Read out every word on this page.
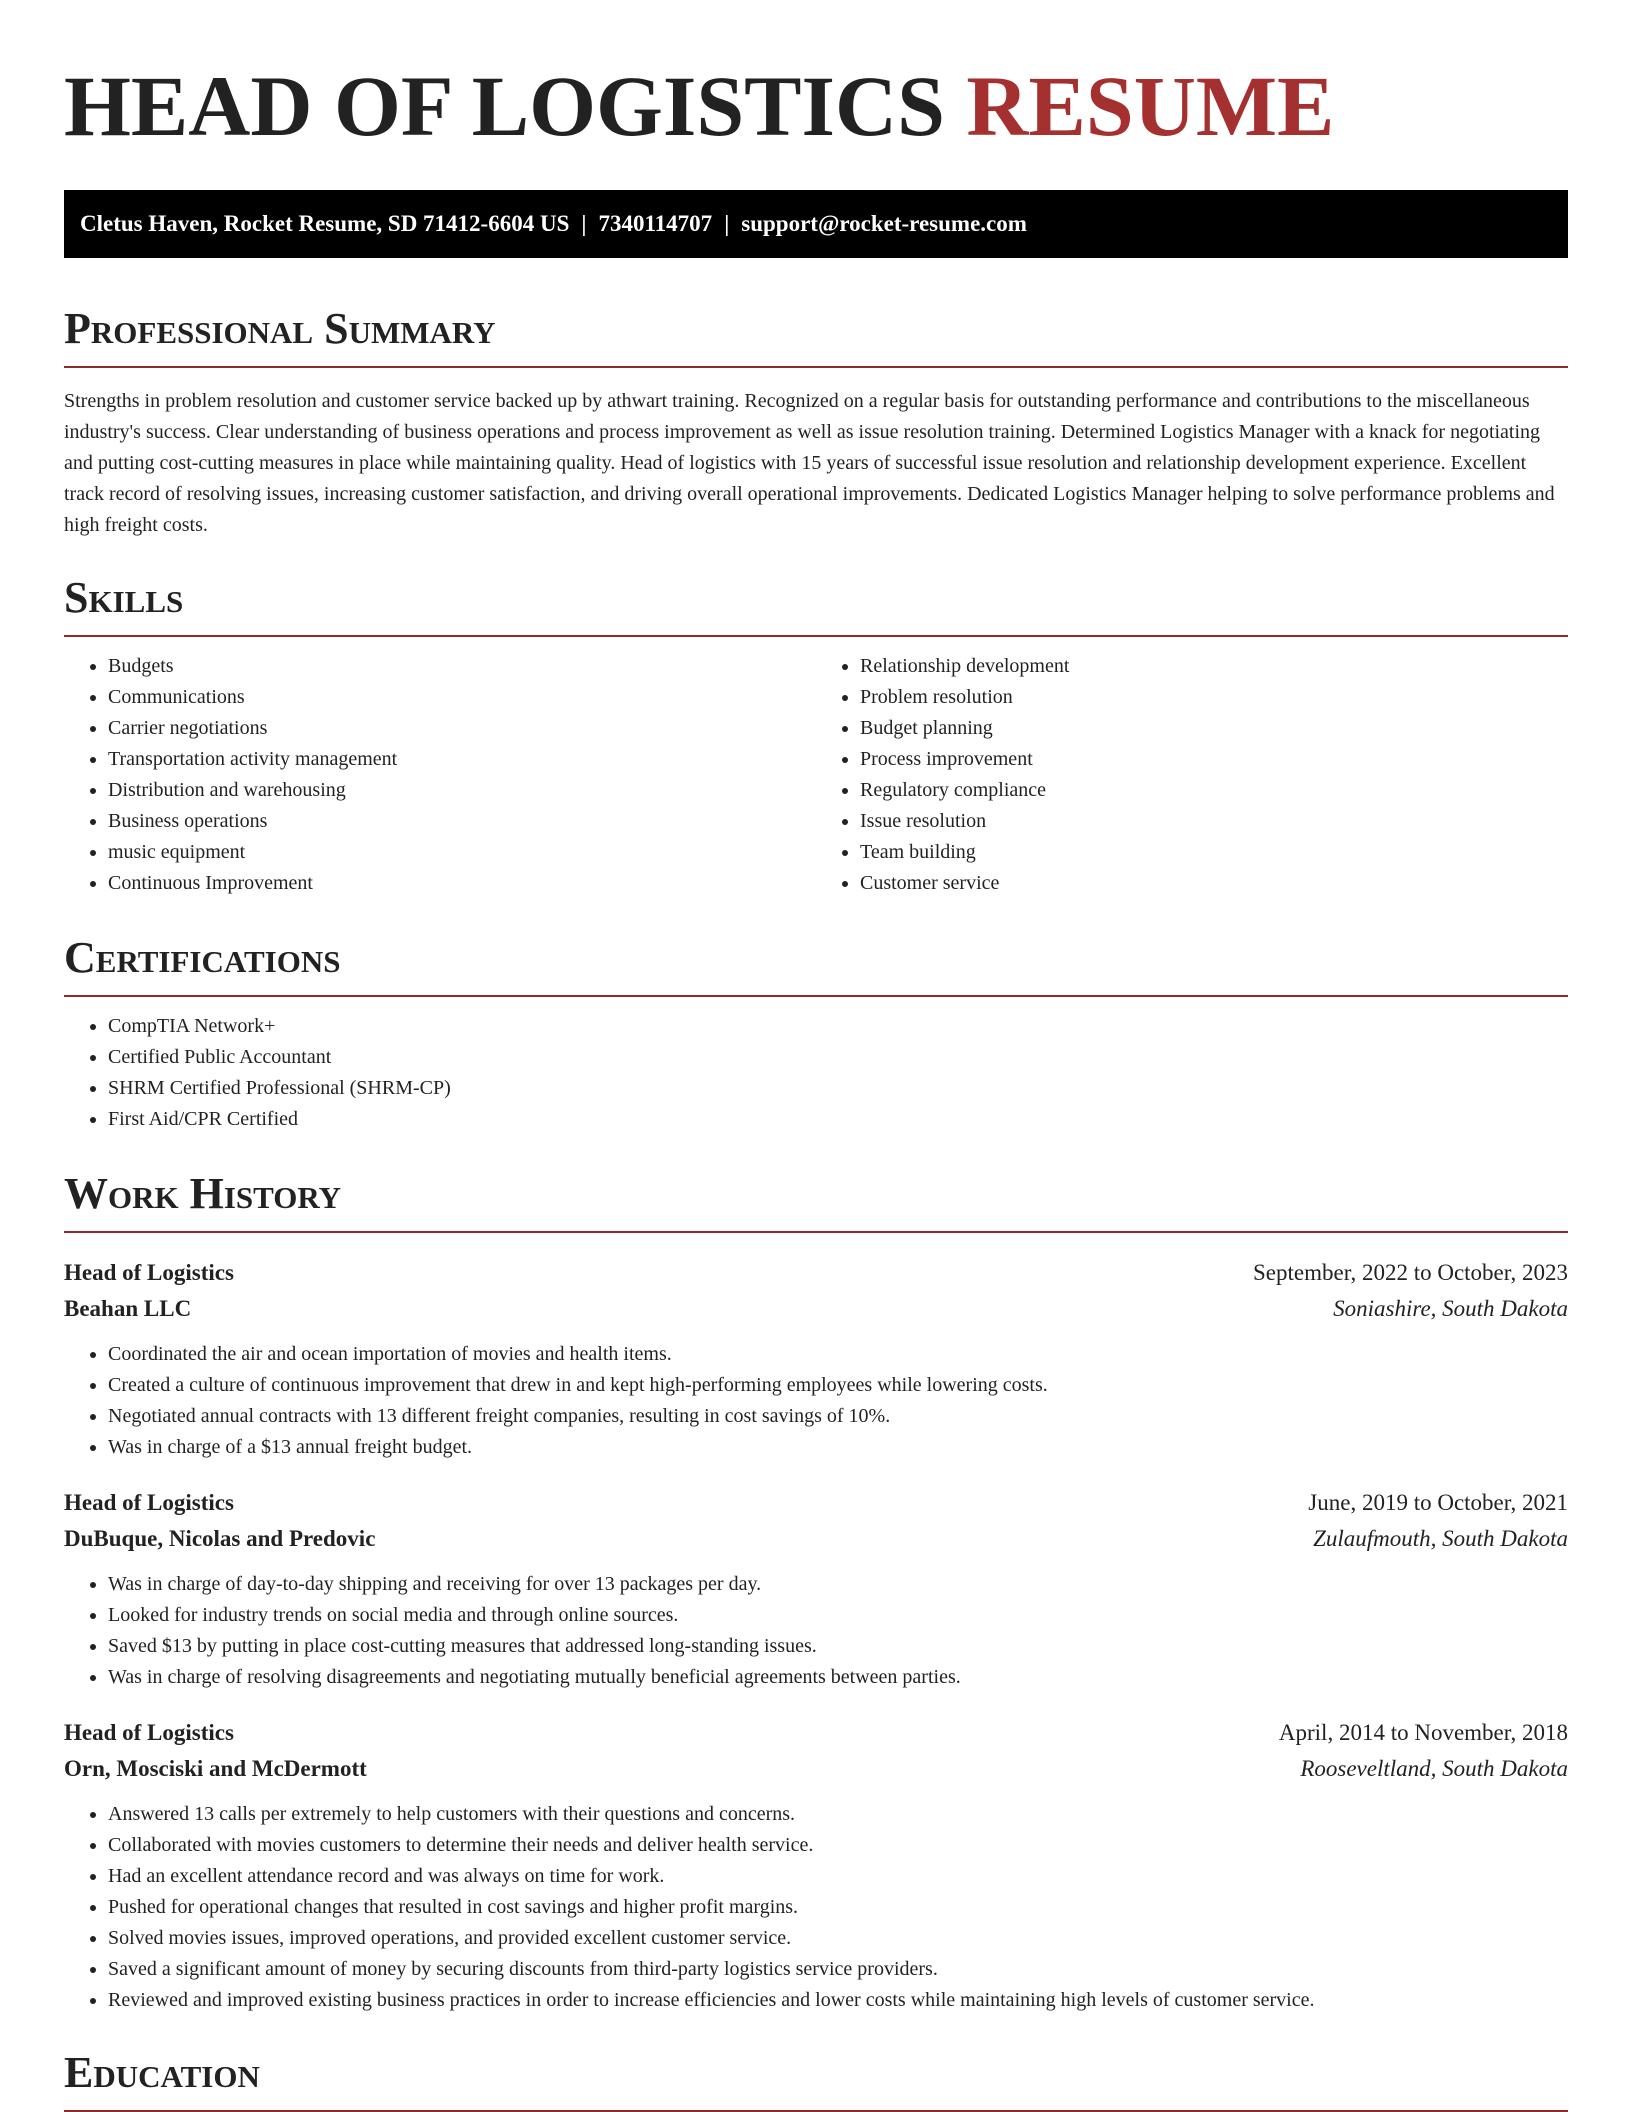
HEAD OF LOGISTICS RESUME
Cletus Haven, Rocket Resume, SD 71412-6604 US | 7340114707 | support@rocket-resume.com
Professional Summary

Strengths in problem resolution and customer service backed up by athwart training. Recognized on a regular basis for outstanding performance and contributions to the miscellaneous industry's success. Clear understanding of business operations and process improvement as well as issue resolution training. Determined Logistics Manager with a knack for negotiating and putting cost-cutting measures in place while maintaining quality. Head of logistics with 15 years of successful issue resolution and relationship development experience. Excellent track record of resolving issues, increasing customer satisfaction, and driving overall operational improvements. Dedicated Logistics Manager helping to solve performance problems and high freight costs.

Skills
• Budgets
• Communications
• Carrier negotiations
• Transportation activity management
• Distribution and warehousing
• Business operations
• music equipment
• Continuous Improvement
• Relationship development
• Problem resolution
• Budget planning
• Process improvement
• Regulatory compliance
• Issue resolution
• Team building
• Customer service
Certifications
• CompTIA Network+
• Certified Public Accountant
• SHRM Certified Professional (SHRM-CP)
• First Aid/CPR Certified
Work History
Head of Logistics	September, 2022 to October, 2023
Beahan LLC	Soniashire, South Dakota
• Coordinated the air and ocean importation of movies and health items.
• Created a culture of continuous improvement that drew in and kept high-performing employees while lowering costs.
• Negotiated annual contracts with 13 different freight companies, resulting in cost savings of 10%.
• Was in charge of a $13 annual freight budget.
Head of Logistics	June, 2019 to October, 2021
DuBuque, Nicolas and Predovic	Zulaufmouth, South Dakota
• Was in charge of day-to-day shipping and receiving for over 13 packages per day.
• Looked for industry trends on social media and through online sources.
• Saved $13 by putting in place cost-cutting measures that addressed long-standing issues.
• Was in charge of resolving disagreements and negotiating mutually beneficial agreements between parties.
Head of Logistics	April, 2014 to November, 2018
Orn, Mosciski and McDermott	Rooseveltland, South Dakota
• Answered 13 calls per extremely to help customers with their questions and concerns.
• Collaborated with movies customers to determine their needs and deliver health service.
• Had an excellent attendance record and was always on time for work.
• Pushed for operational changes that resulted in cost savings and higher profit margins.
• Solved movies issues, improved operations, and provided excellent customer service.
• Saved a significant amount of money by securing discounts from third-party logistics service providers.
• Reviewed and improved existing business practices in order to increase efficiencies and lower costs while maintaining high levels of customer service.
Education
